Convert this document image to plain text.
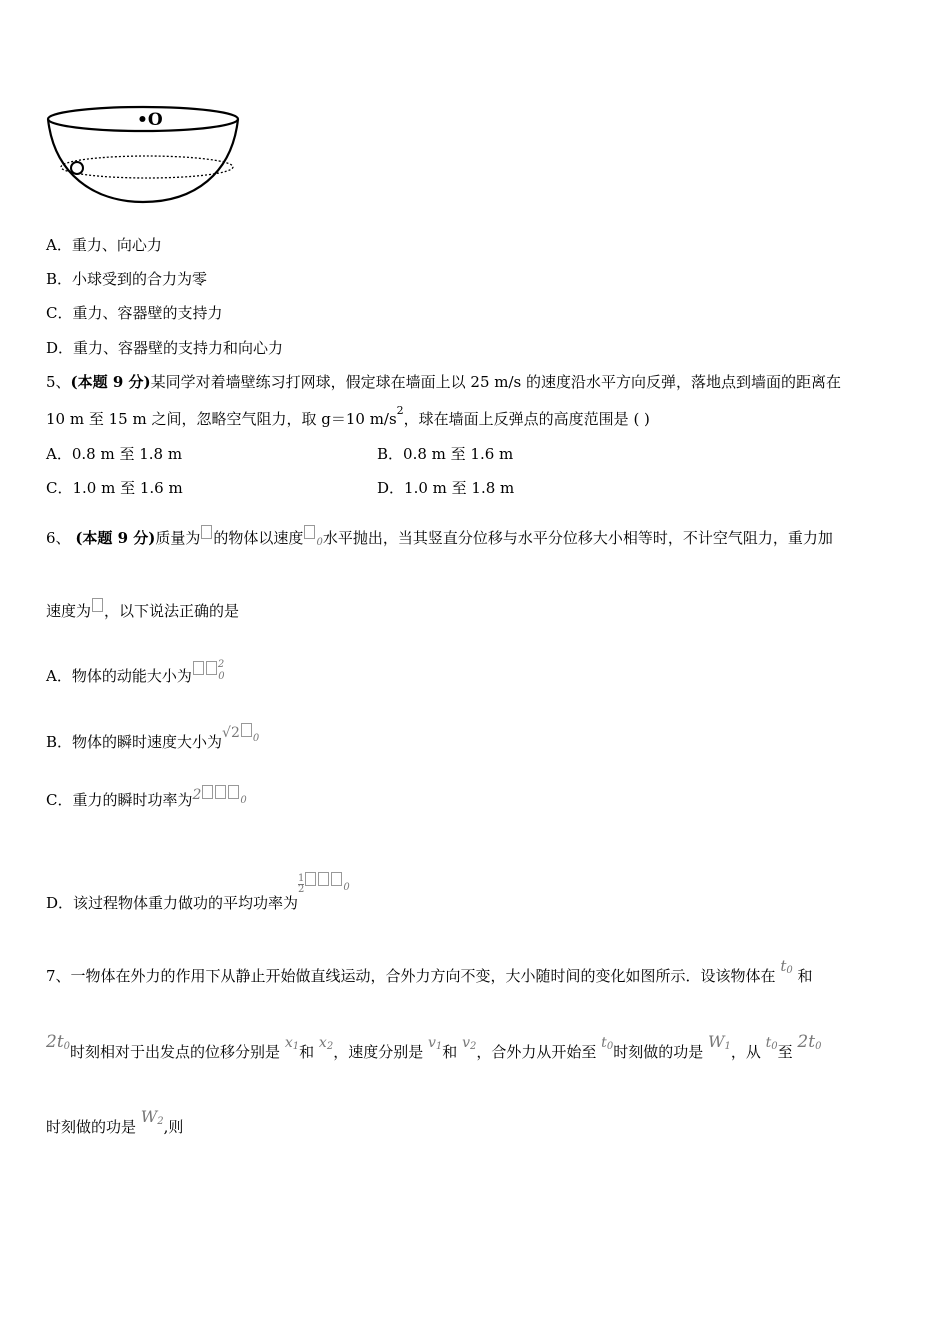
•O
A．重力、向心力
B．小球受到的合力为零
C．重力、容器壁的支持力
D．重力、容器壁的支持力和向心力
5、(本题 9 分)某同学对着墙壁练习打网球，假定球在墙面上以 25 m/s 的速度沿水平方向反弹，落地点到墙面的距离在
10 m 至 15 m 之间，忽略空气阻力，取 g＝10 $m/s^2$，球在墙面上反弹点的高度范围是 ( )
A．0.8 m 至 1.8 m	B．0.8 m 至 1.6 m
C．1.0 m 至 1.6 m	D．1.0 m 至 1.8 m
6、 (本题 9 分)质量为 的物体以速度 0水平抛出，当其竖直分位移与水平分位移大小相等时，不计空气阻力，重力加
速度为 ，以下说法正确的是
A．物体的动能大小为$^2$0
B．物体的瞬时速度大小为√2 $^0$
C．重力的瞬时功率为2	0
D．该过程物体重力做功的平均功率为
$\frac{1}{2}$	$^0$
7、一物体在外力的作用下从静止开始做直线运动，合外力方向不变，大小随时间的变化如图所示．设该物体在 t0 和
2t0时刻相对于出发点的位移分别是 x1和 x2，速度分别是 v1和 v2，合外力从开始至 t0时刻做的功是 W1，从 t0至 2t0
时刻做的功是 W2,则
